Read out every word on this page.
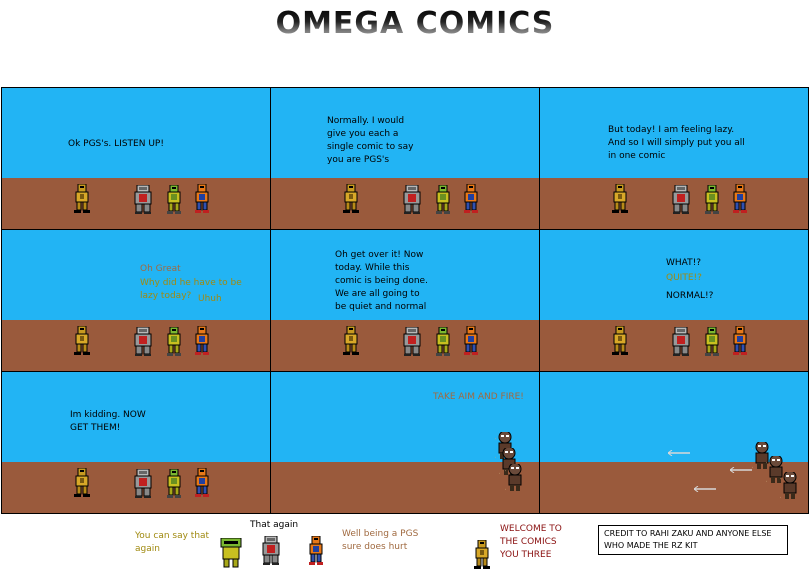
OMEGA COMICS
Ok PGS's. LISTEN UP!
Normally. I would give you each a single comic to say you are PGS's
But today! I am feeling lazy. And so I will simply put you all in one comic
Oh Great
Why did he have to be lazy today? Uhuh
Oh get over it! Now today. While this comic is being done. We are all going to be quiet and normal
WHAT!?
QUITE!?
NORMAL!?
Im kidding. NOW GET THEM!
TAKE AIM AND FIRE!
You can say that again
That again
Well being a PGS sure does hurt
WELCOME TO THE COMICS YOU THREE
CREDIT TO RAHI ZAKU AND ANYONE ELSE WHO MADE THE RZ KIT
